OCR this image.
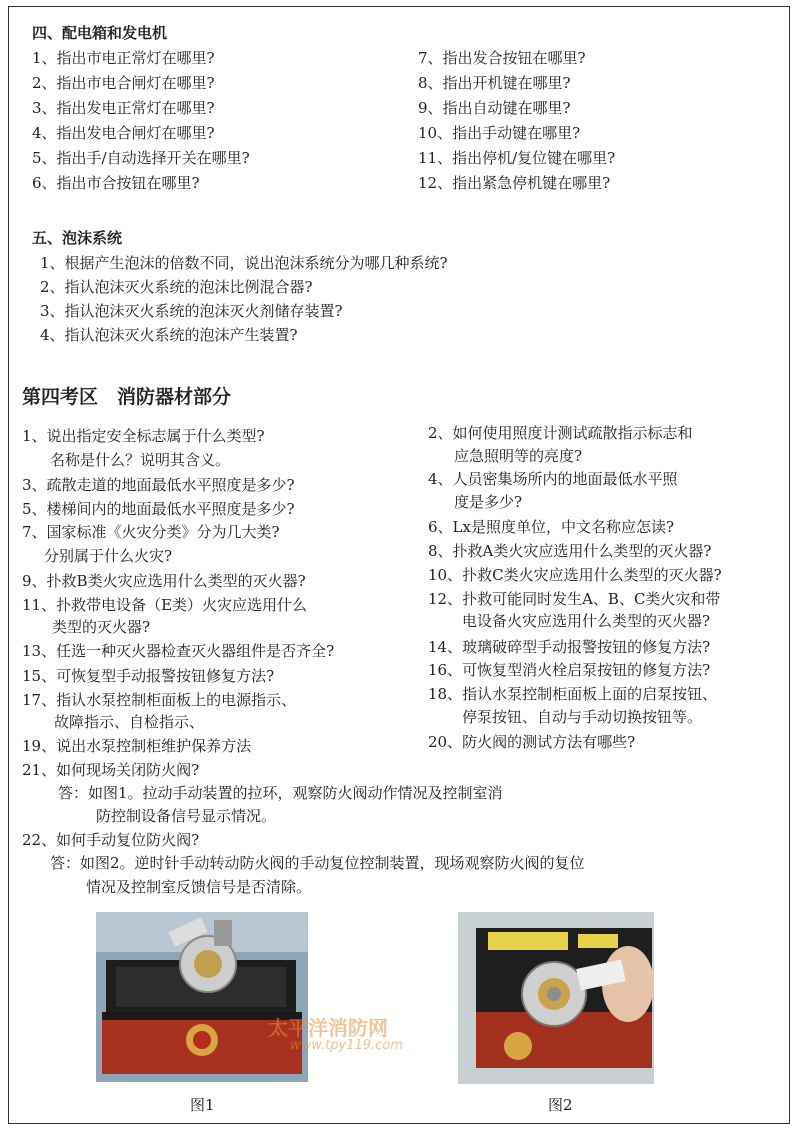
四、配电箱和发电机
1、指出市电正常灯在哪里?
2、指出市电合闸灯在哪里?
3、指出发电正常灯在哪里?
4、指出发电合闸灯在哪里?
5、指出手/自动选择开关在哪里?
6、指出市合按钮在哪里?
7、指出发合按钮在哪里?
8、指出开机键在哪里?
9、指出自动键在哪里?
10、指出手动键在哪里?
11、指出停机/复位键在哪里?
12、指出紧急停机键在哪里?
五、泡沫系统
1、根据产生泡沫的倍数不同，说出泡沫系统分为哪几种系统?
2、指认泡沫灭火系统的泡沫比例混合器?
3、指认泡沫灭火系统的泡沫灭火剂储存装置?
4、指认泡沫灭火系统的泡沫产生装置?
第四考区　消防器材部分
1、说出指定安全标志属于什么类型?
名称是什么？说明其含义。
3、疏散走道的地面最低水平照度是多少?
5、楼梯间内的地面最低水平照度是多少?
7、国家标准《火灾分类》分为几大类?
分别属于什么火灾?
9、扑救B类火灾应选用什么类型的灭火器?
11、扑救带电设备（E类）火灾应选用什么
类型的灭火器?
13、任选一种灭火器检查灭火器组件是否齐全?
15、可恢复型手动报警按钮修复方法?
17、指认水泵控制柜面板上的电源指示、
故障指示、自检指示、
19、说出水泵控制柜维护保养方法
2、如何使用照度计测试疏散指示标志和
应急照明等的亮度?
4、人员密集场所内的地面最低水平照
度是多少?
6、Lx是照度单位，中文名称应怎读?
8、扑救A类火灾应选用什么类型的灭火器?
10、扑救C类火灾应选用什么类型的灭火器?
12、扑救可能同时发生A、B、C类火灾和带
电设备火灾应选用什么类型的灭火器?
14、玻璃破碎型手动报警按钮的修复方法?
16、可恢复型消火栓启泵按钮的修复方法?
18、指认水泵控制柜面板上面的启泵按钮、
停泵按钮、自动与手动切换按钮等。
20、防火阀的测试方法有哪些?
21、如何现场关闭防火阀?
答：如图1。拉动手动装置的拉环，观察防火阀动作情况及控制室消
防控制设备信号显示情况。
22、如何手动复位防火阀?
答：如图2。逆时针手动转动防火阀的手动复位控制装置，现场观察防火阀的复位
情况及控制室反馈信号是否清除。
太平洋消防网
www.tpy119.com
图1	图2
